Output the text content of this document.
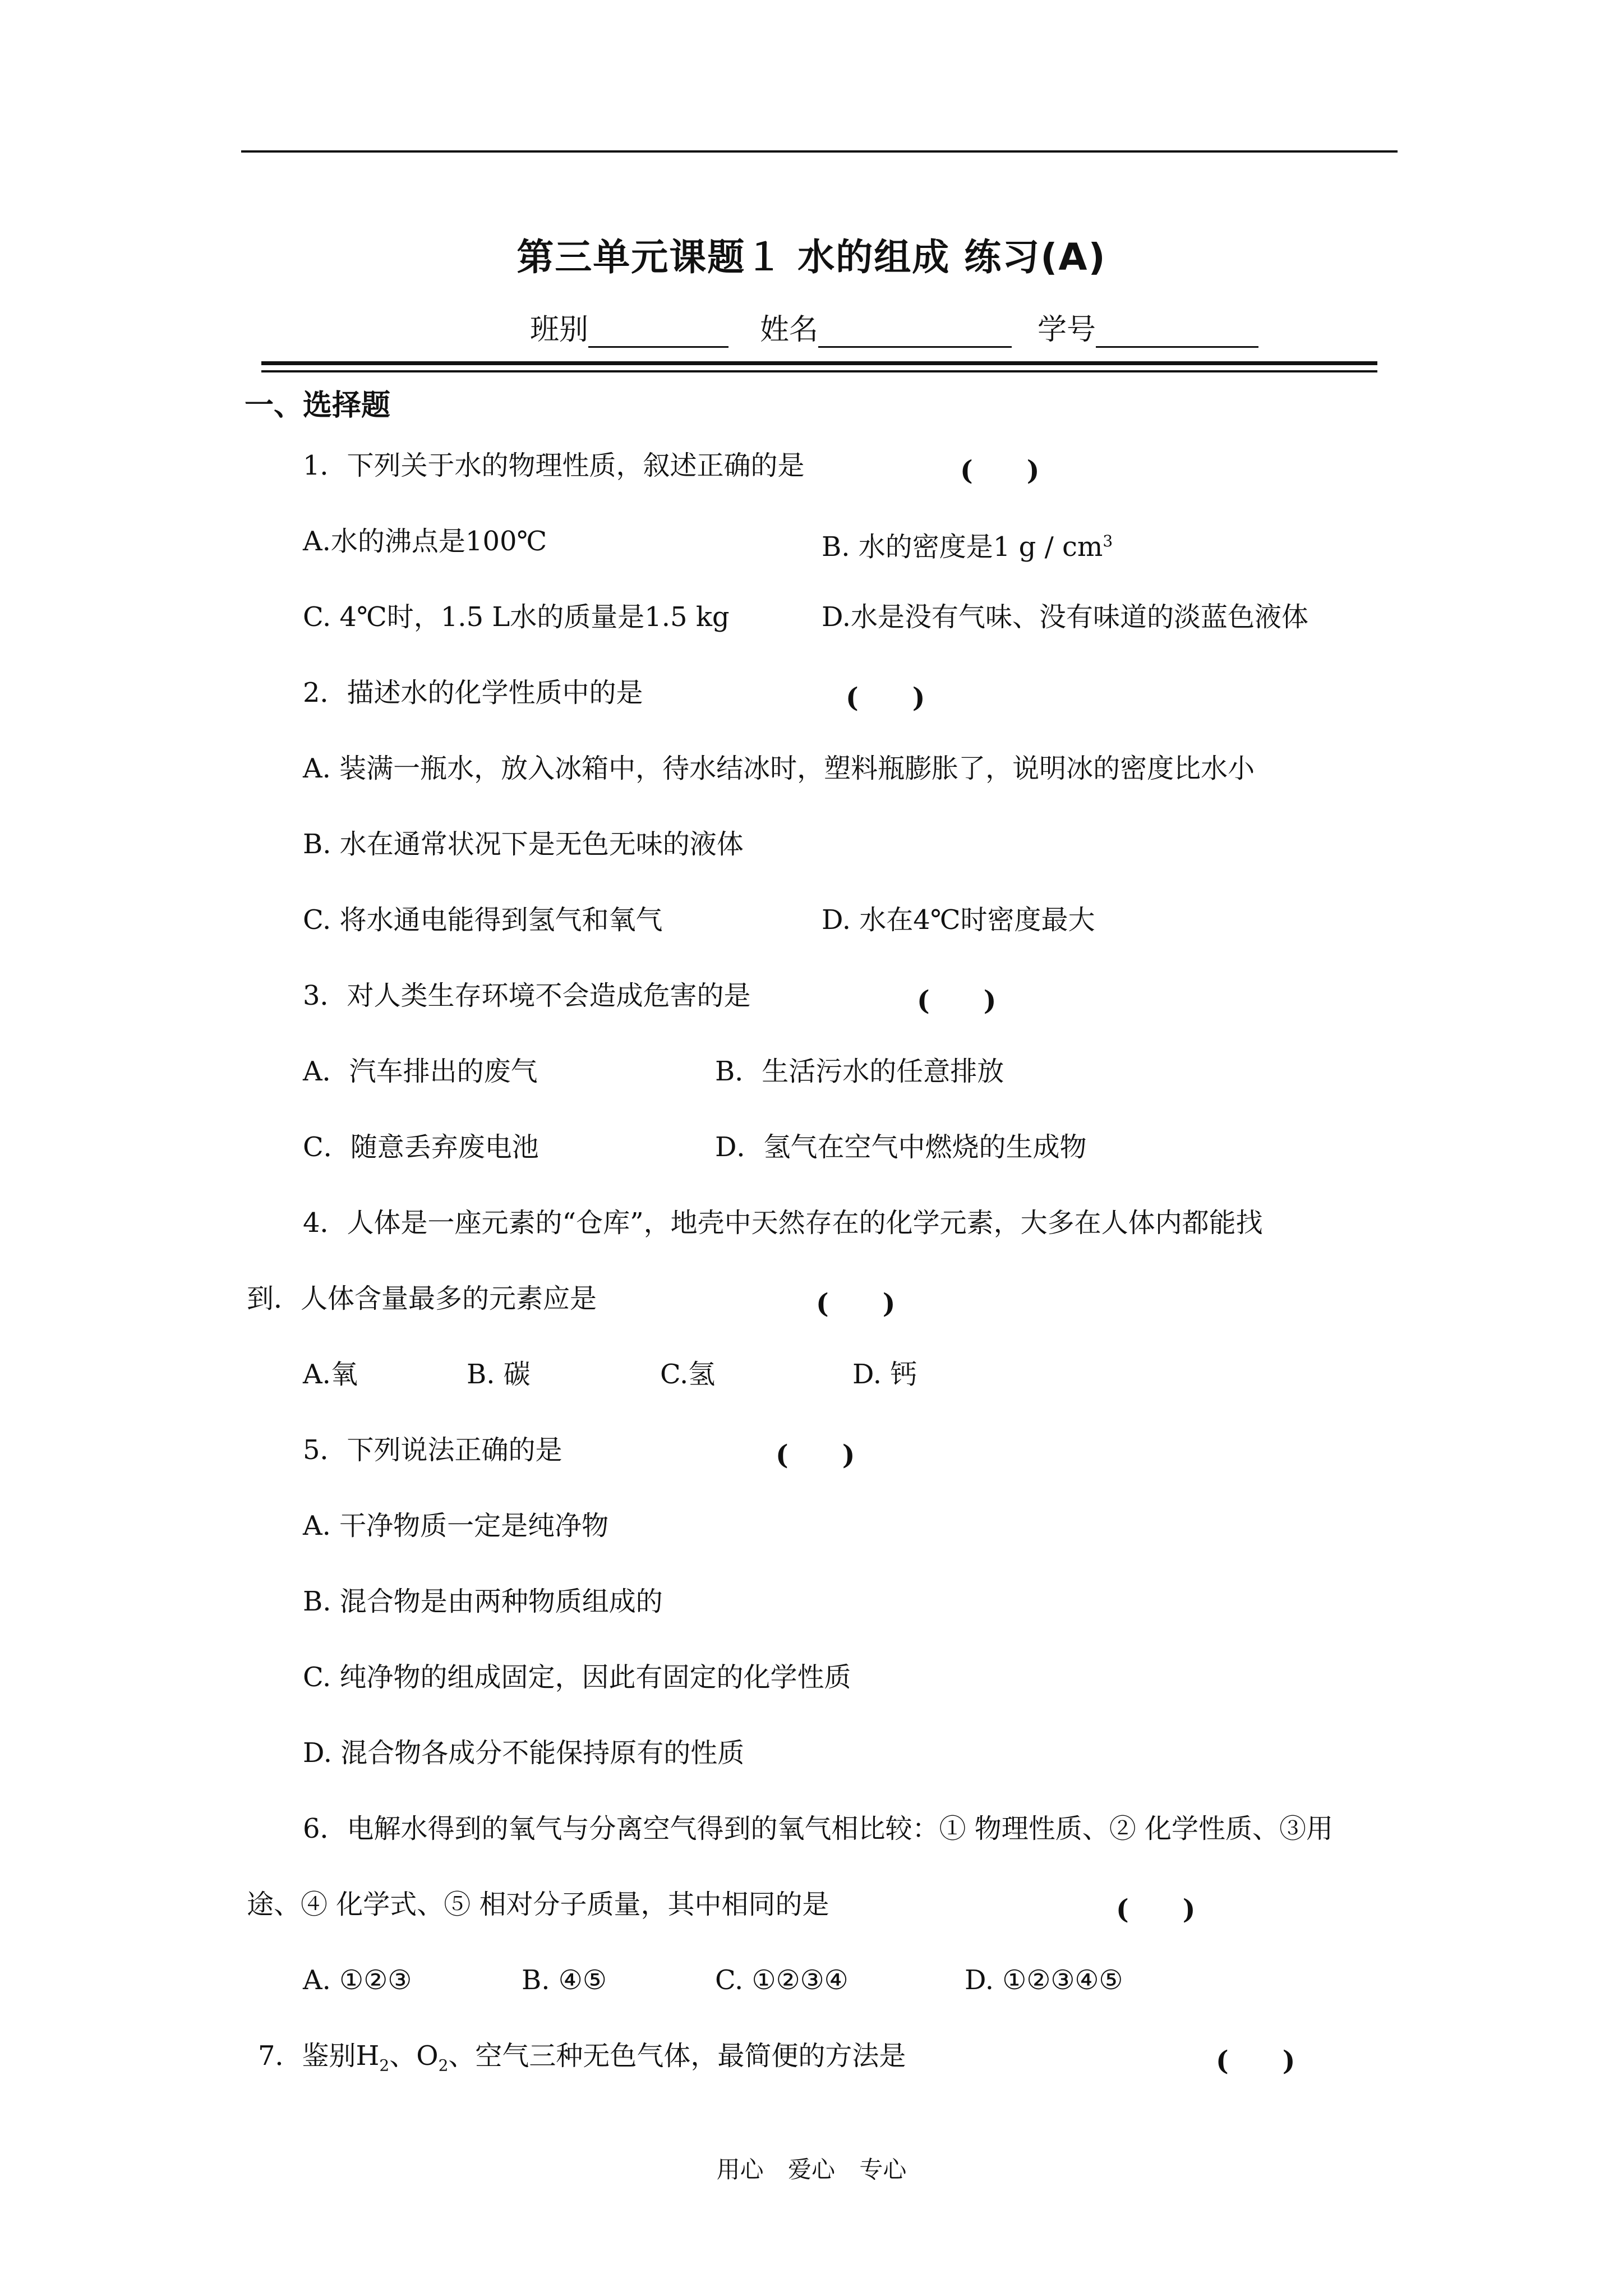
第三单元课题１ 水的组成 练习(A)
班别	姓名	学号
一、选择题
1．下列关于水的物理性质，叙述正确的是	(　　)
A.水的沸点是100℃	B. 水的密度是1 g / $cm^3$
C. 4℃时，1.5 L水的质量是1.5 kg	D.水是没有气味、没有味道的淡蓝色液体
2．描述水的化学性质中的是	(　　)
A. 装满一瓶水，放入冰箱中，待水结冰时，塑料瓶膨胀了，说明冰的密度比水小
B. 水在通常状况下是无色无味的液体
C. 将水通电能得到氢气和氧气	D. 水在4℃时密度最大
3．对人类生存环境不会造成危害的是	(　　)
A．汽车排出的废气	B．生活污水的任意排放
C．随意丢弃废电池	D．氢气在空气中燃烧的生成物
4．人体是一座元素的“仓库”，地壳中天然存在的化学元素，大多在人体内都能找
到．人体含量最多的元素应是	(　　)
A.氧	B. 碳	C.氢	D. 钙
5．下列说法正确的是	(　　)
A. 干净物质一定是纯净物
B. 混合物是由两种物质组成的
C. 纯净物的组成固定，因此有固定的化学性质
D. 混合物各成分不能保持原有的性质
6．电解水得到的氧气与分离空气得到的氧气相比较：① 物理性质、② 化学性质、③用
途、④ 化学式、⑤ 相对分子质量，其中相同的是	(　　)
A. ①②③	B. ④⑤	C. ①②③④	D. ①②③④⑤
7．鉴别$H_2$、$O_2$、空气三种无色气体，最简便的方法是	(　　)
用心 爱心 专心
